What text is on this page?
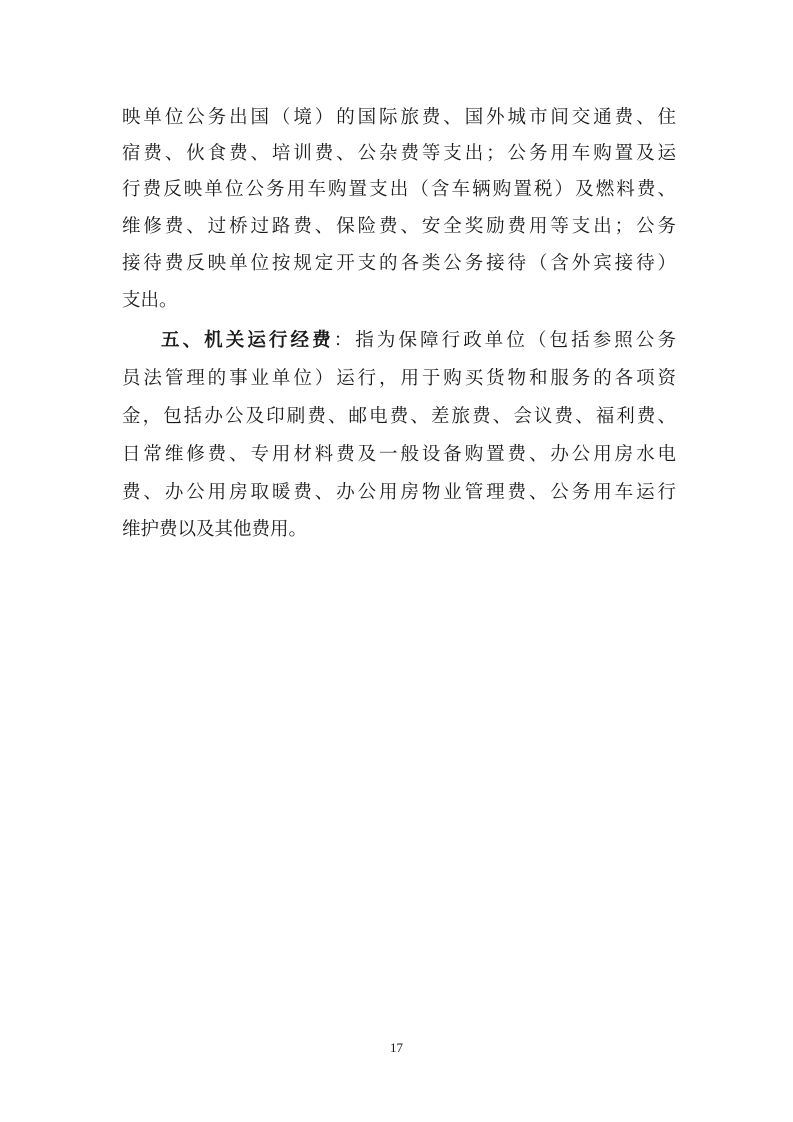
映单位公务出国（境）的国际旅费、国外城市间交通费、住
宿费、伙食费、培训费、公杂费等支出；公务用车购置及运
行费反映单位公务用车购置支出（含车辆购置税）及燃料费、
维修费、过桥过路费、保险费、安全奖励费用等支出；公务
接待费反映单位按规定开支的各类公务接待（含外宾接待）
支出。
五、机关运行经费：指为保障行政单位（包括参照公务
员法管理的事业单位）运行，用于购买货物和服务的各项资
金，包括办公及印刷费、邮电费、差旅费、会议费、福利费、
日常维修费、专用材料费及一般设备购置费、办公用房水电
费、办公用房取暖费、办公用房物业管理费、公务用车运行
维护费以及其他费用。
17
